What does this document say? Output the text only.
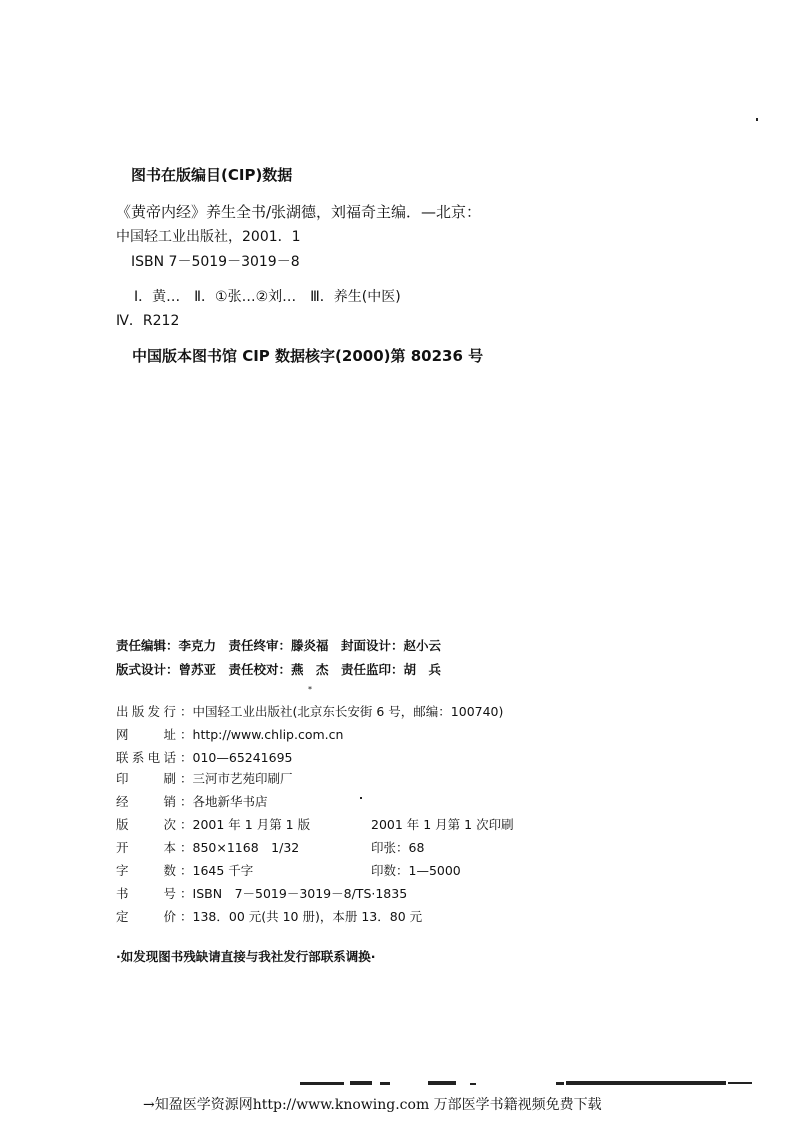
图书在版编目(CIP)数据
《黄帝内经》养生全书/张湖德，刘福奇主编．—北京：
中国轻工业出版社，2001．1
ISBN 7－5019－3019－8
Ⅰ．黄…　Ⅱ．①张…②刘…　Ⅲ．养生(中医)
Ⅳ．R212
中国版本图书馆 CIP 数据核字(2000)第 80236 号
责任编辑：李克力　责任终审：滕炎福　封面设计：赵小云
版式设计：曾苏亚　责任校对：燕　杰　责任监印：胡　兵
*
出 版 发 行 ：中国轻工业出版社(北京东长安街 6 号，邮编：100740)
网	址 ：http://www.chlip.com.cn
联 系 电 话 ：010—65241695
印	刷 ：三河市艺苑印刷厂
经	销 ：各地新华书店
版	次 ：2001 年 1 月第 1 版	2001 年 1 月第 1 次印刷
开	本 ：850×1168　1/32	印张：68
字	数 ：1645 千字	印数：1—5000
书	号 ：ISBN　7－5019－3019－8/TS·1835
定	价 ：138．00 元(共 10 册)，本册 13．80 元
·如发现图书残缺请直接与我社发行部联系调换·
→知盈医学资源网http://www.knowing.com 万部医学书籍视频免费下载
